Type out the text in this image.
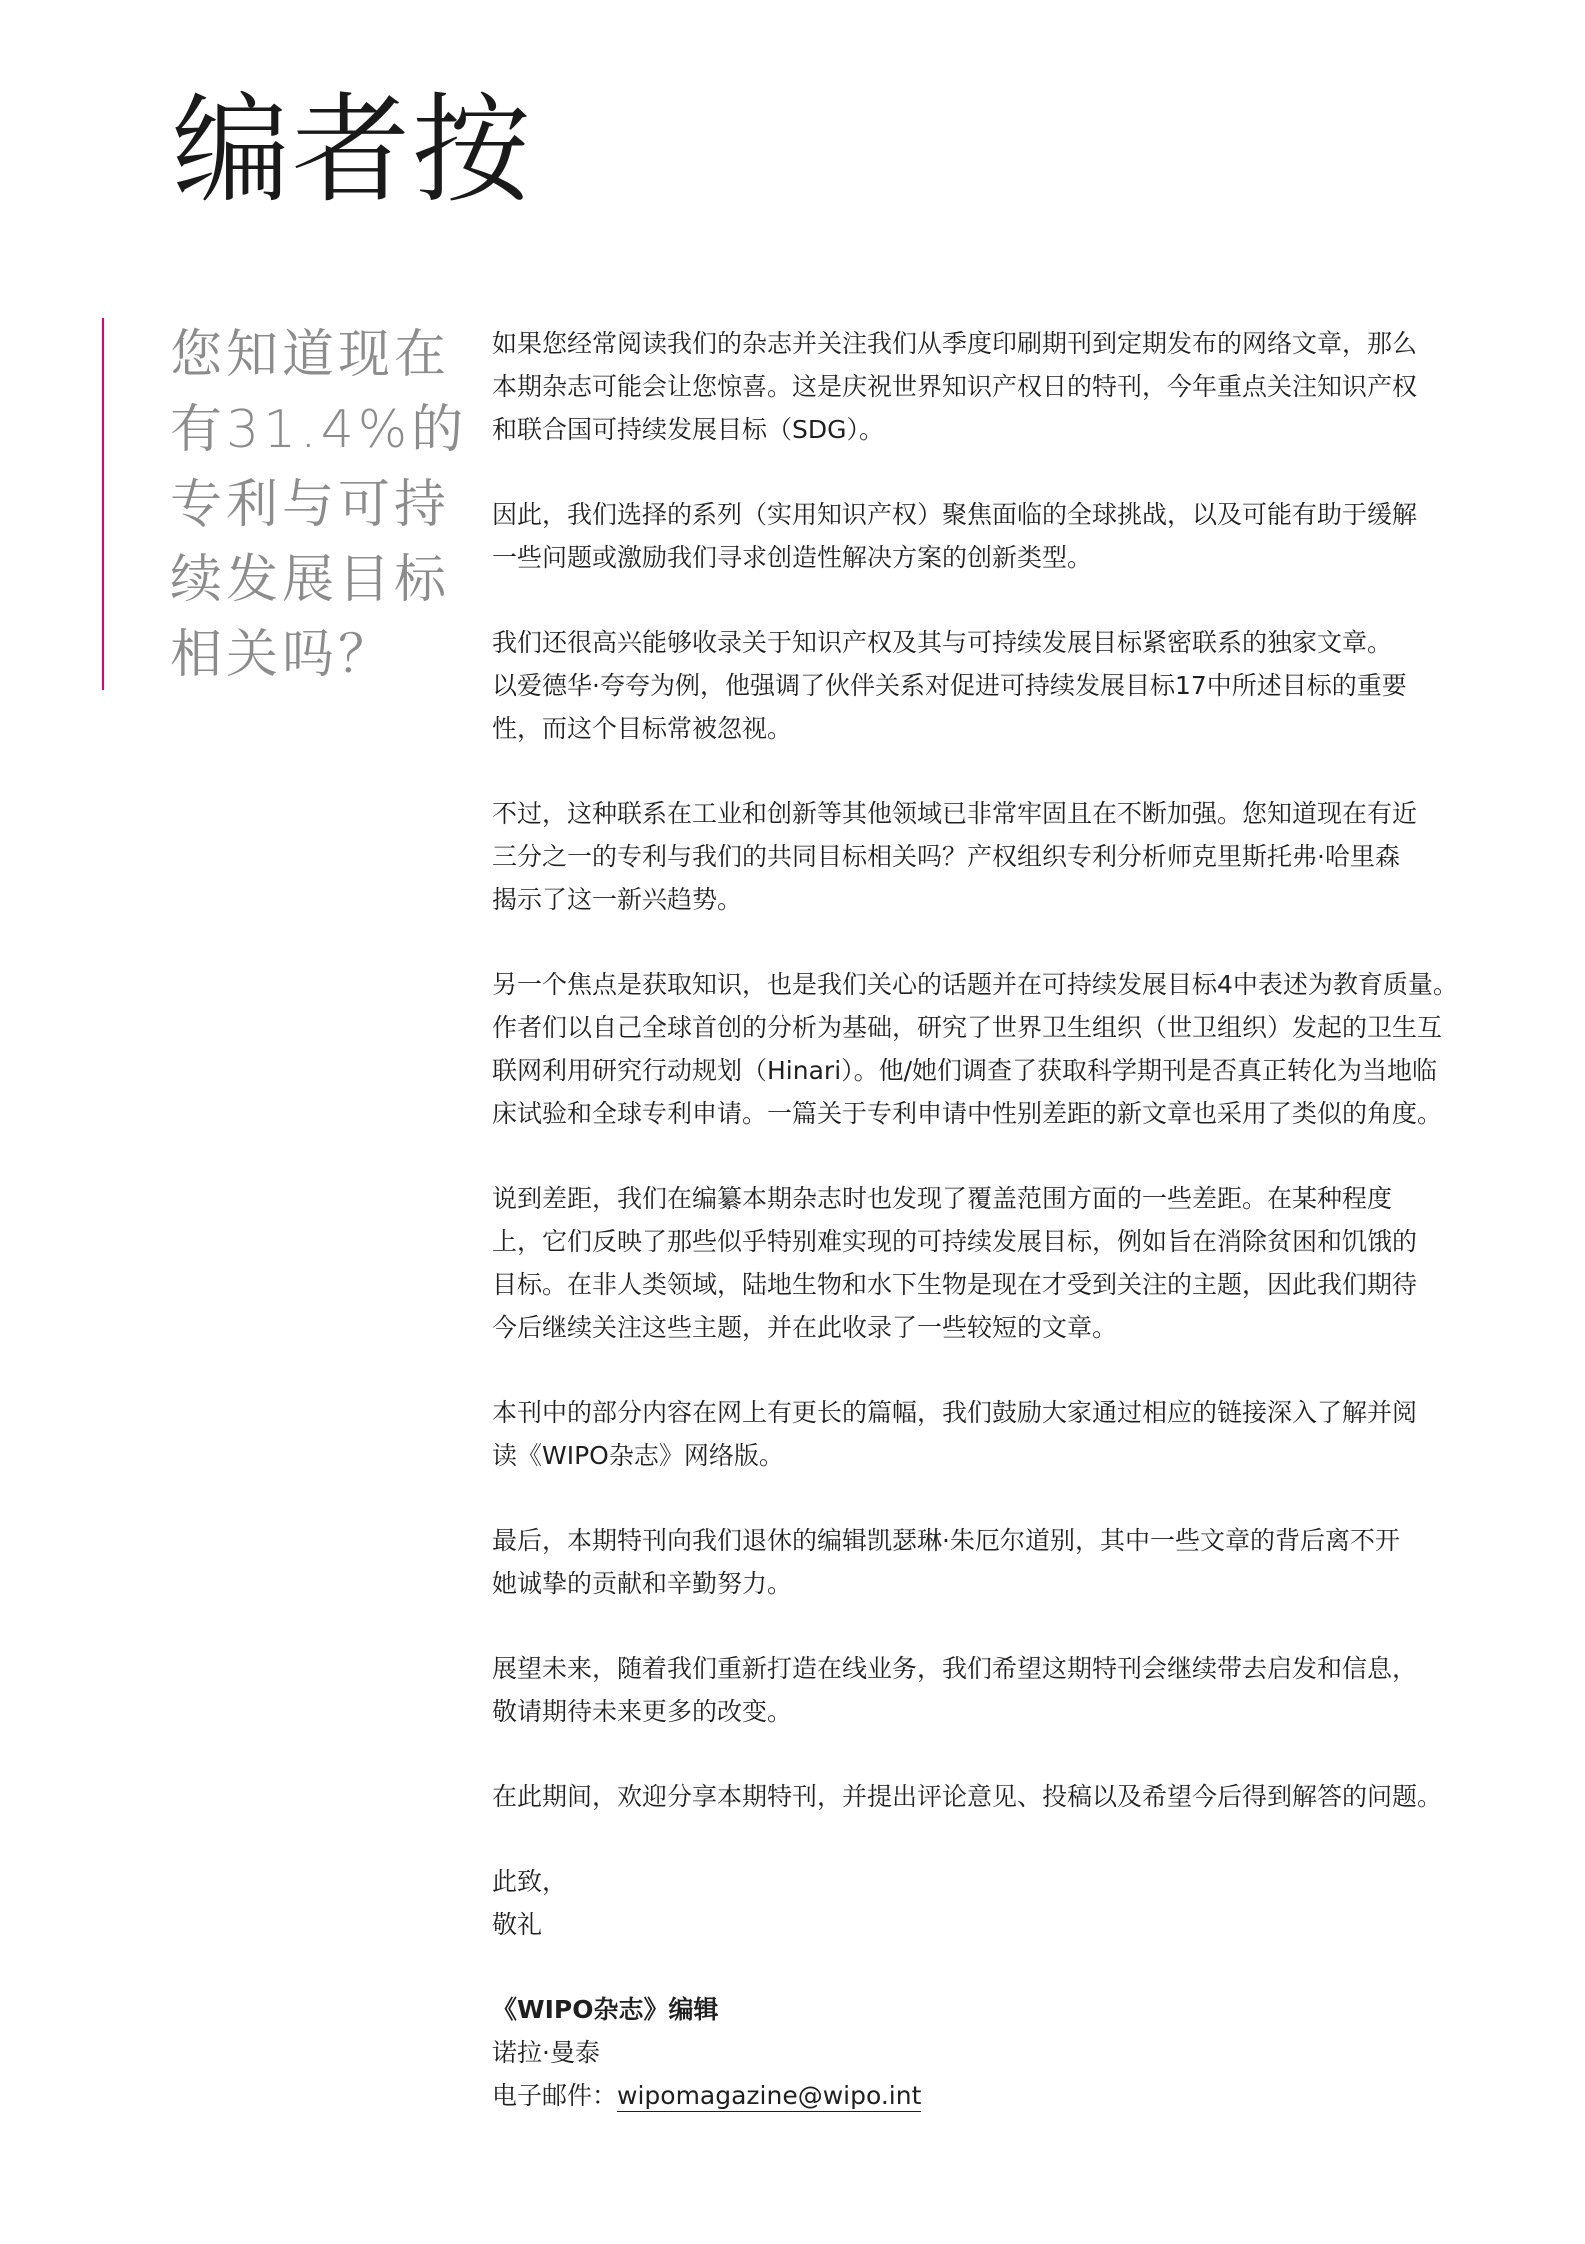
编者按

您知道现在
有31.4%的
专利与可持
续发展目标
相关吗？

如果您经常阅读我们的杂志并关注我们从季度印刷期刊到定期发布的网络文章，那么
本期杂志可能会让您惊喜。这是庆祝世界知识产权日的特刊，今年重点关注知识产权
和联合国可持续发展目标（SDG）。

因此，我们选择的系列（实用知识产权）聚焦面临的全球挑战，以及可能有助于缓解
一些问题或激励我们寻求创造性解决方案的创新类型。

我们还很高兴能够收录关于知识产权及其与可持续发展目标紧密联系的独家文章。
以爱德华·夸夸为例，他强调了伙伴关系对促进可持续发展目标17中所述目标的重要
性，而这个目标常被忽视。

不过，这种联系在工业和创新等其他领域已非常牢固且在不断加强。您知道现在有近
三分之一的专利与我们的共同目标相关吗？产权组织专利分析师克里斯托弗·哈里森
揭示了这一新兴趋势。

另一个焦点是获取知识，也是我们关心的话题并在可持续发展目标4中表述为教育质量。
作者们以自己全球首创的分析为基础，研究了世界卫生组织（世卫组织）发起的卫生互
联网利用研究行动规划（Hinari）。他/她们调查了获取科学期刊是否真正转化为当地临
床试验和全球专利申请。一篇关于专利申请中性别差距的新文章也采用了类似的角度。

说到差距，我们在编纂本期杂志时也发现了覆盖范围方面的一些差距。在某种程度
上，它们反映了那些似乎特别难实现的可持续发展目标，例如旨在消除贫困和饥饿的
目标。在非人类领域，陆地生物和水下生物是现在才受到关注的主题，因此我们期待
今后继续关注这些主题，并在此收录了一些较短的文章。

本刊中的部分内容在网上有更长的篇幅，我们鼓励大家通过相应的链接深入了解并阅
读《WIPO杂志》网络版。

最后，本期特刊向我们退休的编辑凯瑟琳·朱厄尔道别，其中一些文章的背后离不开
她诚挚的贡献和辛勤努力。

展望未来，随着我们重新打造在线业务，我们希望这期特刊会继续带去启发和信息，
敬请期待未来更多的改变。

在此期间，欢迎分享本期特刊，并提出评论意见、投稿以及希望今后得到解答的问题。

此致，
敬礼
《WIPO杂志》编辑
诺拉·曼泰
电子邮件：wipomagazine@wipo.int
